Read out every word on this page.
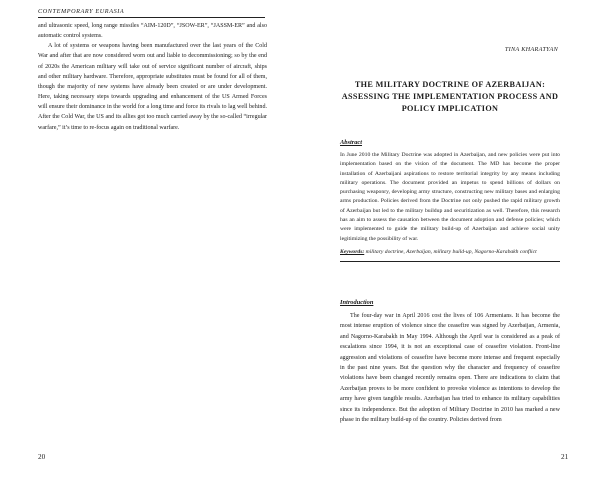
CONTEMPORARY EURASIA

and ultrasonic speed, long range missiles “AIM-120D”, “JSOW-ER”, “JASSM-ER” and also automatic control systems.

A lot of systems or weapons having been manufactured over the last years of the Cold War and after that are now considered worn out and liable to decommissioning; so by the end of 2020s the American military will take out of service significant number of aircraft, ships and other military hardware. Therefore, appropriate substitutes must be found for all of them, though the majority of new systems have already been created or are under development. Here, taking necessary steps towards upgrading and enhancement of the US Armed Forces will ensure their dominance in the world for a long time and force its rivals to lag well behind. After the Cold War, the US and its allies got too much carried away by the so-called “irregular warfare,” it’s time to re-focus again on traditional warfare.

20
TINA KHARATYAN
THE MILITARY DOCTRINE OF AZERBAIJAN: ASSESSING THE IMPLEMENTATION PROCESS AND POLICY IMPLICATION
Abstract

In June 2010 the Military Doctrine was adopted in Azerbaijan, and new policies were put into implementation based on the vision of the document. The MD has become the proper installation of Azerbaijani aspirations to restore territorial integrity by any means including military operations. The document provided an impetus to spend billions of dollars on purchasing weaponry, developing army structure, constructing new military bases and enlarging arms production. Policies derived from the Doctrine not only pushed the rapid military growth of Azerbaijan but led to the military buildup and securitization as well. Therefore, this research has an aim to assess the causation between the document adoption and defense policies; which were implemented to guide the military build-up of Azerbaijan and achieve social unity legitimizing the possibility of war.

Keywords: military doctrine, Azerbaijan, military build-up, Nagorno-Karabakh conflict
Introduction

The four-day war in April 2016 cost the lives of 106 Armenians. It has become the most intense eruption of violence since the ceasefire was signed by Azerbaijan, Armenia, and Nagorno-Karabakh in May 1994. Although the April war is considered as a peak of escalations since 1994, it is not an exceptional case of ceasefire violation. Front-line aggression and violations of ceasefire have become more intense and frequent especially in the past nine years. But the question why the character and frequency of ceasefire violations have been changed recently remains open. There are indications to claim that Azerbaijan proves to be more confident to provoke violence as intentions to develop the army have given tangible results. Azerbaijan has tried to enhance its military capabilities since its independence. But the adoption of Military Doctrine in 2010 has marked a new phase in the military build-up of the country. Policies derived from

21
